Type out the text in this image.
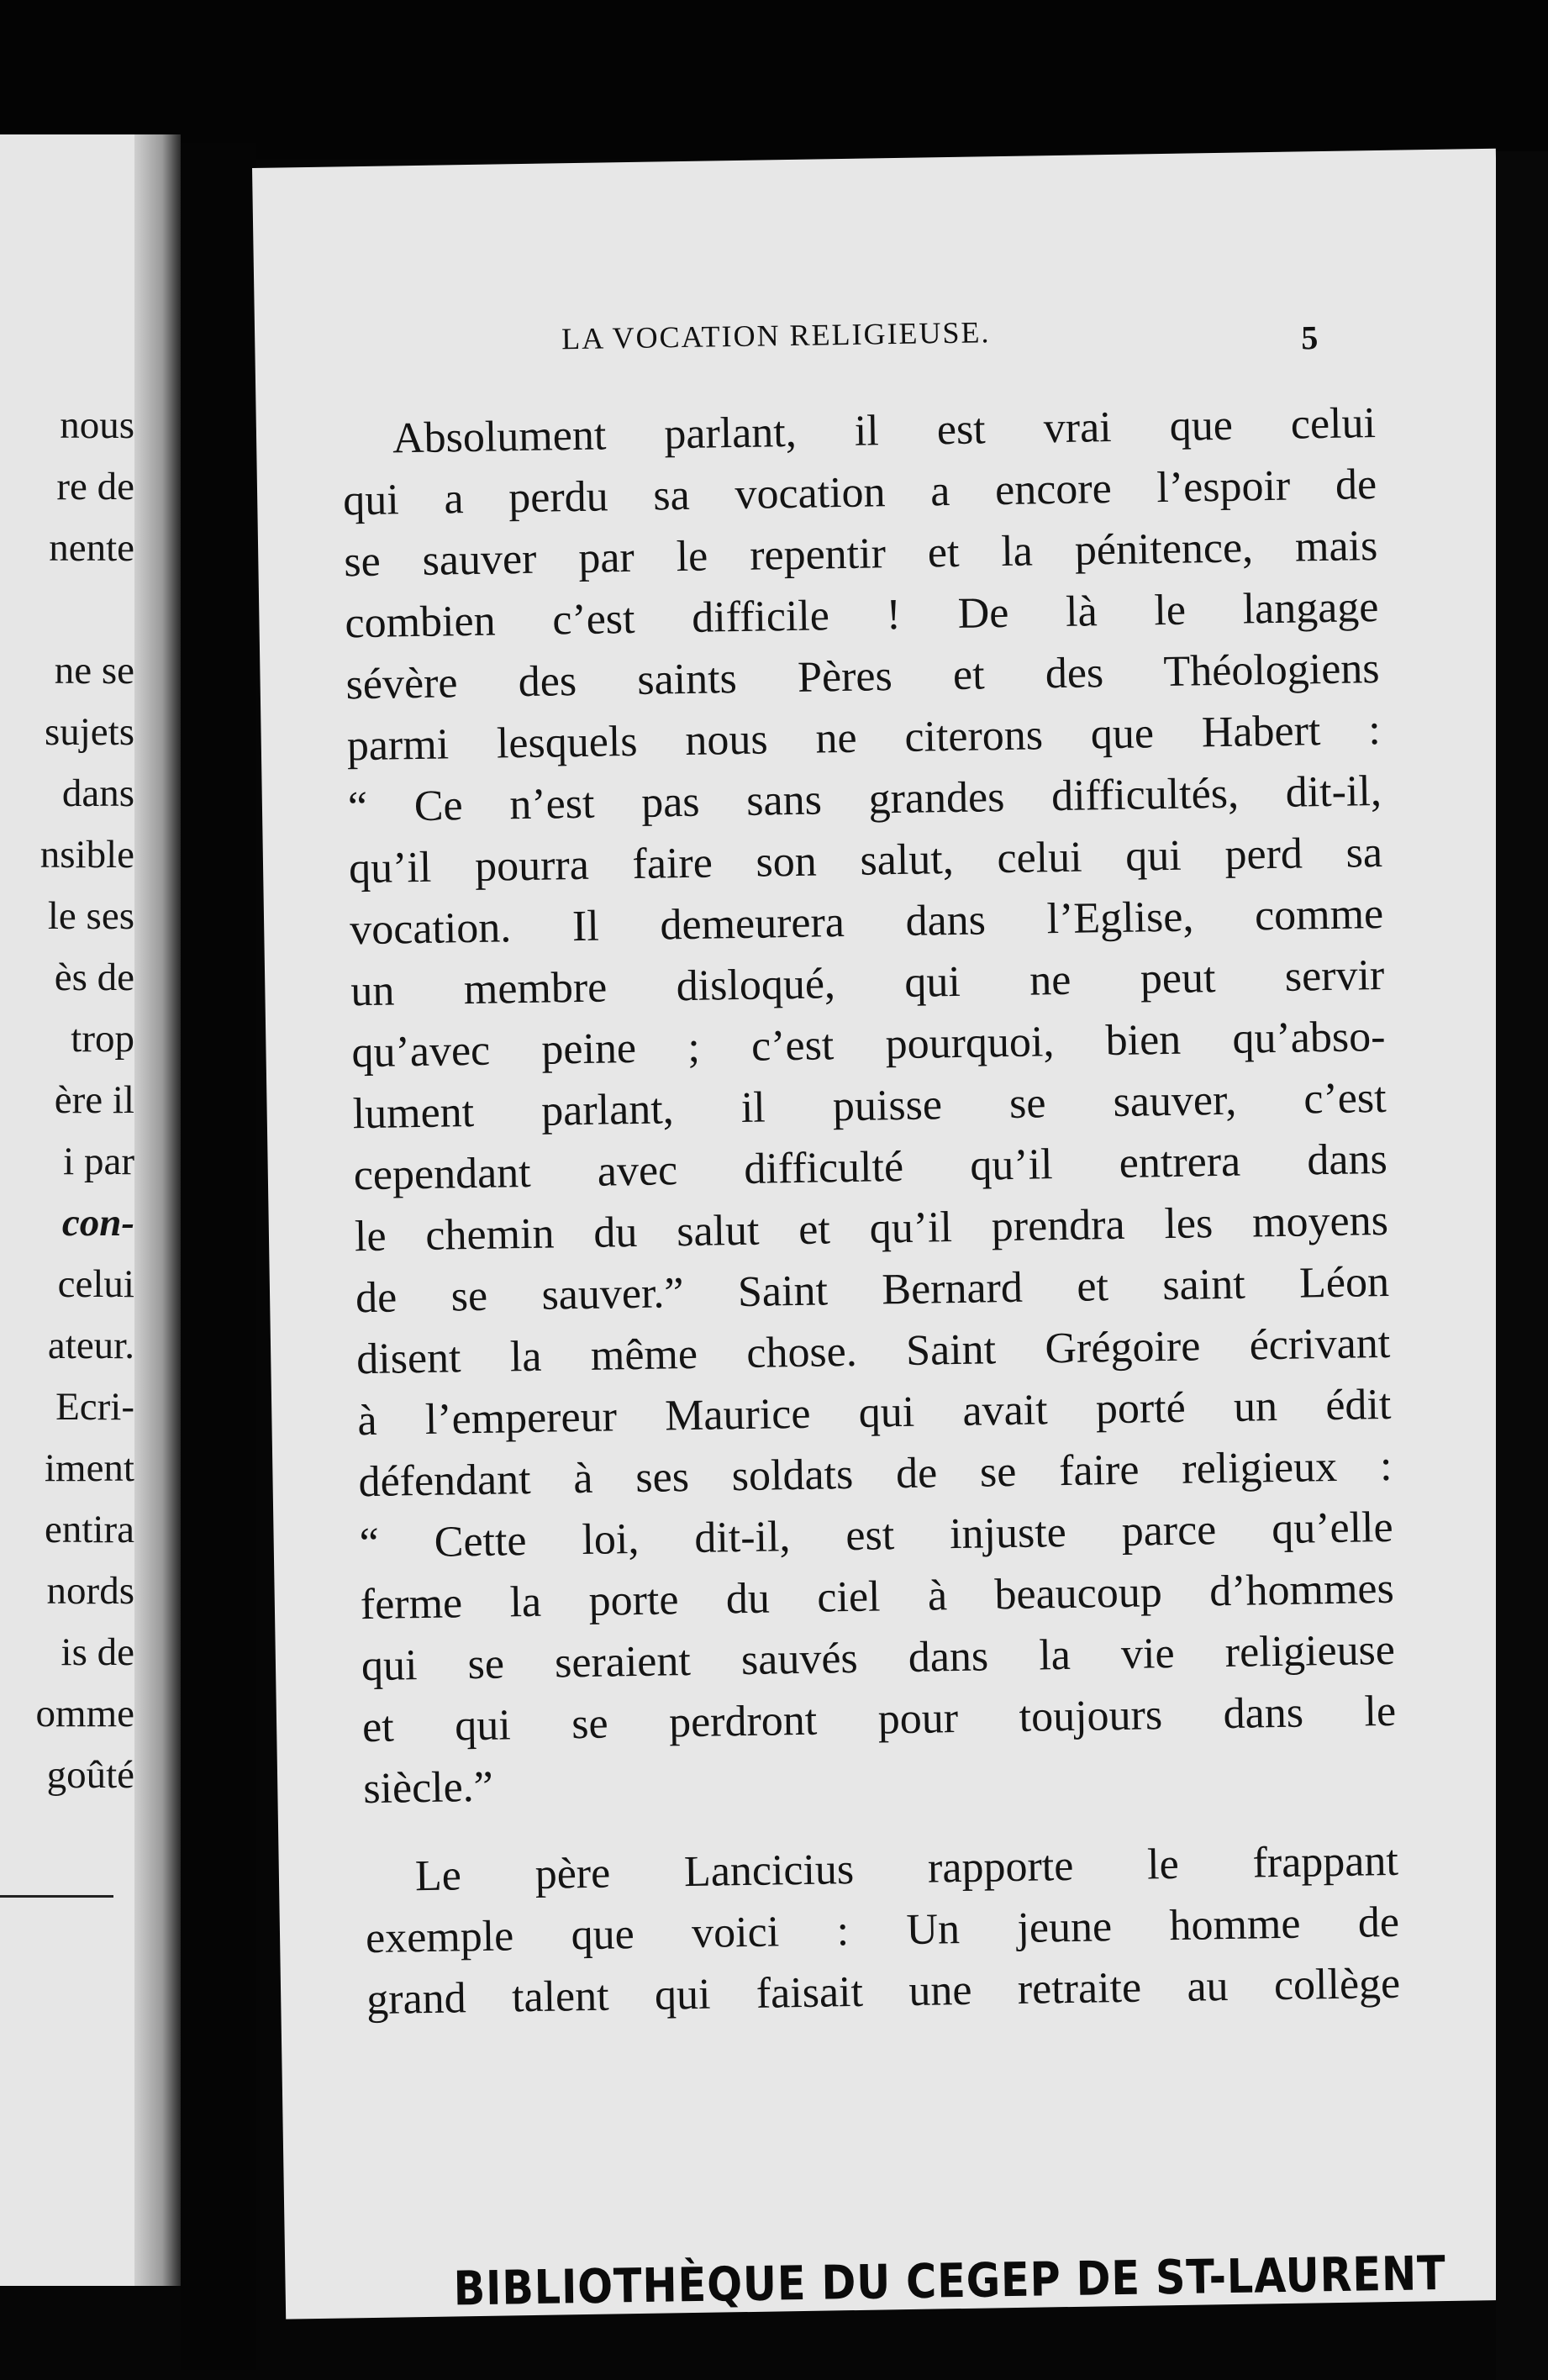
nous
re de
nente
ne se
sujets
dans
nsible
le ses
ès de
trop
ère il
i par
con-
celui
ateur.
Ecri-
iment
entira
nords
is de
omme
goûté
LA VOCATION RELIGIEUSE.	5
Absolument parlant, il est vrai que celui
qui a perdu sa vocation a encore l’espoir de
se sauver par le repentir et la pénitence, mais
combien c’est difficile ! De là le langage
sévère des saints Pères et des Théologiens
parmi lesquels nous ne citerons que Habert :
“ Ce n’est pas sans grandes difficultés, dit-il,
qu’il pourra faire son salut, celui qui perd sa
vocation. Il demeurera dans l’Eglise, comme
un membre disloqué, qui ne peut servir
qu’avec peine ; c’est pourquoi, bien qu’abso-
lument parlant, il puisse se sauver, c’est
cependant avec difficulté qu’il entrera dans
le chemin du salut et qu’il prendra les moyens
de se sauver.” Saint Bernard et saint Léon
disent la même chose. Saint Grégoire écrivant
à l’empereur Maurice qui avait porté un édit
défendant à ses soldats de se faire religieux :
“ Cette loi, dit-il, est injuste parce qu’elle
ferme la porte du ciel à beaucoup d’hommes
qui se seraient sauvés dans la vie religieuse
et qui se perdront pour toujours dans le
siècle.”
Le père Lancicius rapporte le frappant
exemple que voici : Un jeune homme de
grand talent qui faisait une retraite au collège
BIBLIOTHÈQUE DU CEGEP DE ST-LAURENT
